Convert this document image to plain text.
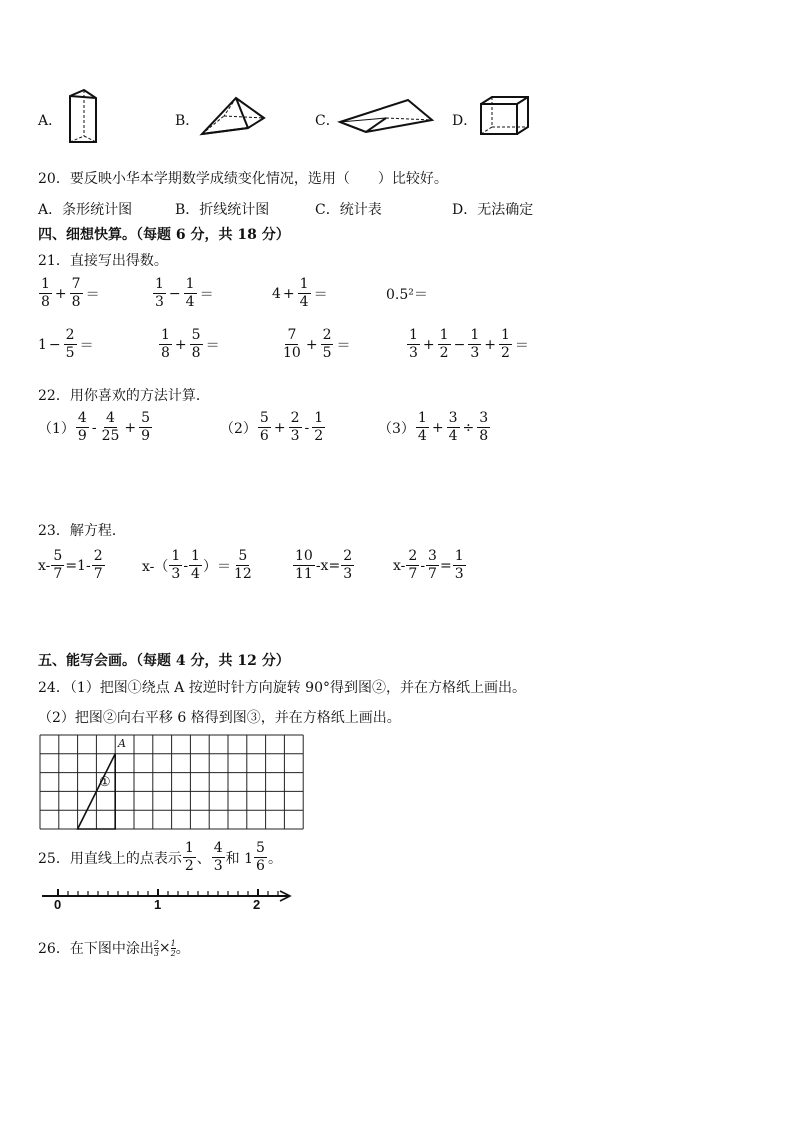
A．	B．	C．	D．
20．要反映小华本学期数学成绩变化情况，选用（　　）比较好。
A．条形统计图	B．折线统计图	C．统计表	D．无法确定
四、细想快算。（每题 6 分，共 18 分）
21．直接写出得数。
$\frac{1}{8} + \frac{7}{8}$ ＝	$\frac{1}{3} - \frac{1}{4}$ ＝	$4 + \frac{1}{4}$ ＝	0.5²＝
$1 - \frac{2}{5}$ ＝	$\frac{1}{8} + \frac{5}{8}$ ＝	$\frac{7}{10} + \frac{2}{5}$ ＝	$\frac{1}{3} + \frac{1}{2} - \frac{1}{3} + \frac{1}{2}$ ＝
22．用你喜欢的方法计算．
$(1) \frac{4}{9} - \frac{4}{25} + \frac{5}{9}$	$(2) \frac{5}{6} + \frac{2}{3} - \frac{1}{2}$	$(3) \frac{1}{4} + \frac{3}{4} \div \frac{3}{8}$
23．解方程．
$x- \frac{5}{7} =1- \frac{2}{7}$	$x-( \frac{1}{3} - \frac{1}{4}$ ）＝ $\frac{5}{12}$	$\frac{10}{11} -x= \frac{2}{3}$	$x- \frac{2}{7} - \frac{3}{7} = \frac{1}{3}$
五、能写会画。（每题 4 分，共 12 分）
24．（1）把图①绕点 A 按逆时针方向旋转 90°得到图②，并在方格纸上画出。
（2）把图②向右平移 6 格得到图③，并在方格纸上画出。
A
①
25．用直线上的点表示 $\frac{1}{2}$ 、 $\frac{4}{3}$ 和 $1 \frac{5}{6}$ 。
0	1	2
26．在下图中涂出 $\frac{2}{3} \times \frac{1}{2}$ 。
